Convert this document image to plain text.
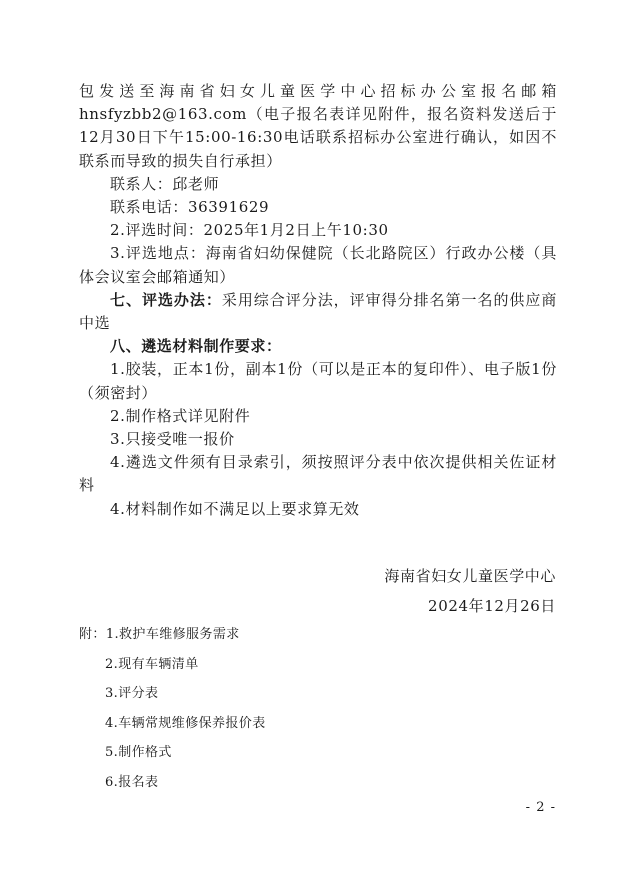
包发送至海南省妇女儿童医学中心招标办公室报名邮箱hnsfyzbb2@163.com（电子报名表详见附件，报名资料发送后于12月30日下午15:00-16:30电话联系招标办公室进行确认，如因不联系而导致的损失自行承担）

联系人：邱老师

联系电话：36391629

2.评选时间：2025年1月2日上午10:30

3.评选地点：海南省妇幼保健院（长北路院区）行政办公楼（具体会议室会邮箱通知）

七、评选办法：采用综合评分法，评审得分排名第一名的供应商中选

八、遴选材料制作要求：

1.胶装，正本1份，副本1份（可以是正本的复印件）、电子版1份（须密封）

2.制作格式详见附件

3.只接受唯一报价

4.遴选文件须有目录索引，须按照评分表中依次提供相关佐证材料

4.材料制作如不满足以上要求算无效

海南省妇女儿童医学中心
2024年12月26日
附：1.救护车维修服务需求
2.现有车辆清单
3.评分表
4.车辆常规维修保养报价表
5.制作格式
6.报名表
- 2 -
